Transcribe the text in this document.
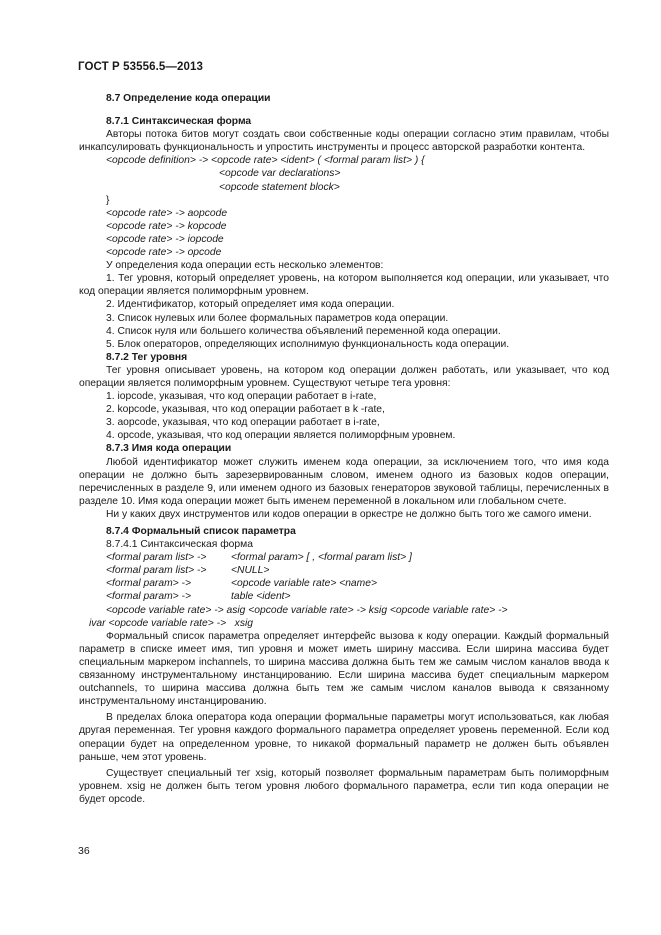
ГОСТ Р 53556.5—2013

8.7 Определение кода операции

8.7.1 Синтаксическая форма

Авторы потока битов могут создать свои собственные коды операции согласно этим правилам, чтобы инкапсулировать функциональность и упростить инструменты и процесс авторской разработки контента.

<opcode definition> -> <opcode rate> <ident> ( <formal param list> ) {

<opcode var declarations>

<opcode statement block>

}

<opcode rate> -> aopcode

<opcode rate> -> kopcode

<opcode rate> -> iopcode

<opcode rate> -> opcode

У определения кода операции есть несколько элементов:

1. Тег уровня, который определяет уровень, на котором выполняется код операции, или указывает, что код операции является полиморфным уровнем.

2. Идентификатор, который определяет имя кода операции.

3. Список нулевых или более формальных параметров кода операции.

4. Список нуля или большего количества объявлений переменной кода операции.

5. Блок операторов, определяющих исполнимую функциональность кода операции.

8.7.2 Тег уровня

Тег уровня описывает уровень, на котором код операции должен работать, или указывает, что код операции является полиморфным уровнем. Существуют четыре тега уровня:

1. iopcode, указывая, что код операции работает в i-rate,

2. kopcode, указывая, что код операции работает в k -rate,

3. aopcode, указывая, что код операции работает в i-rate,

4. opcode, указывая, что код операции является полиморфным уровнем.

8.7.3 Имя кода операции

Любой идентификатор может служить именем кода операции, за исключением того, что имя кода операции не должно быть зарезервированным словом, именем одного из базовых кодов операции, перечисленных в разделе 9, или именем одного из базовых генераторов звуковой таблицы, перечисленных в разделе 10. Имя кода операции может быть именем переменной в локальном или глобальном счете.

Ни у каких двух инструментов или кодов операции в оркестре не должно быть того же самого имени.

8.7.4 Формальный список параметра

8.7.4.1 Синтаксическая форма

<formal param list> -> <formal param> [ , <formal param list> ]

<formal param list> -> <NULL>

<formal param> ->	<opcode variable rate> <name>

<formal param> ->	table <ident>

<opcode variable rate> -> asig <opcode variable rate> -> ksig <opcode variable rate> ->

ivar <opcode variable rate> ->   xsig

Формальный список параметра определяет интерфейс вызова к коду операции. Каждый формальный параметр в списке имеет имя, тип уровня и может иметь ширину массива. Если ширина массива будет специальным маркером inchannels, то ширина массива должна быть тем же самым числом каналов ввода к связанному инструментальному инстанцированию. Если ширина массива будет специальным маркером outchannels, то ширина массива должна быть тем же самым числом каналов вывода к связанному инструментальному инстанцированию.

В пределах блока оператора кода операции формальные параметры могут использоваться, как любая другая переменная. Тег уровня каждого формального параметра определяет уровень переменной. Если код операции будет на определенном уровне, то никакой формальный параметр не должен быть объявлен раньше, чем этот уровень.

Существует специальный тег xsig, который позволяет формальным параметрам быть полиморфным уровнем. xsig не должен быть тегом уровня любого формального параметра, если тип кода операции не будет opcode.

36
